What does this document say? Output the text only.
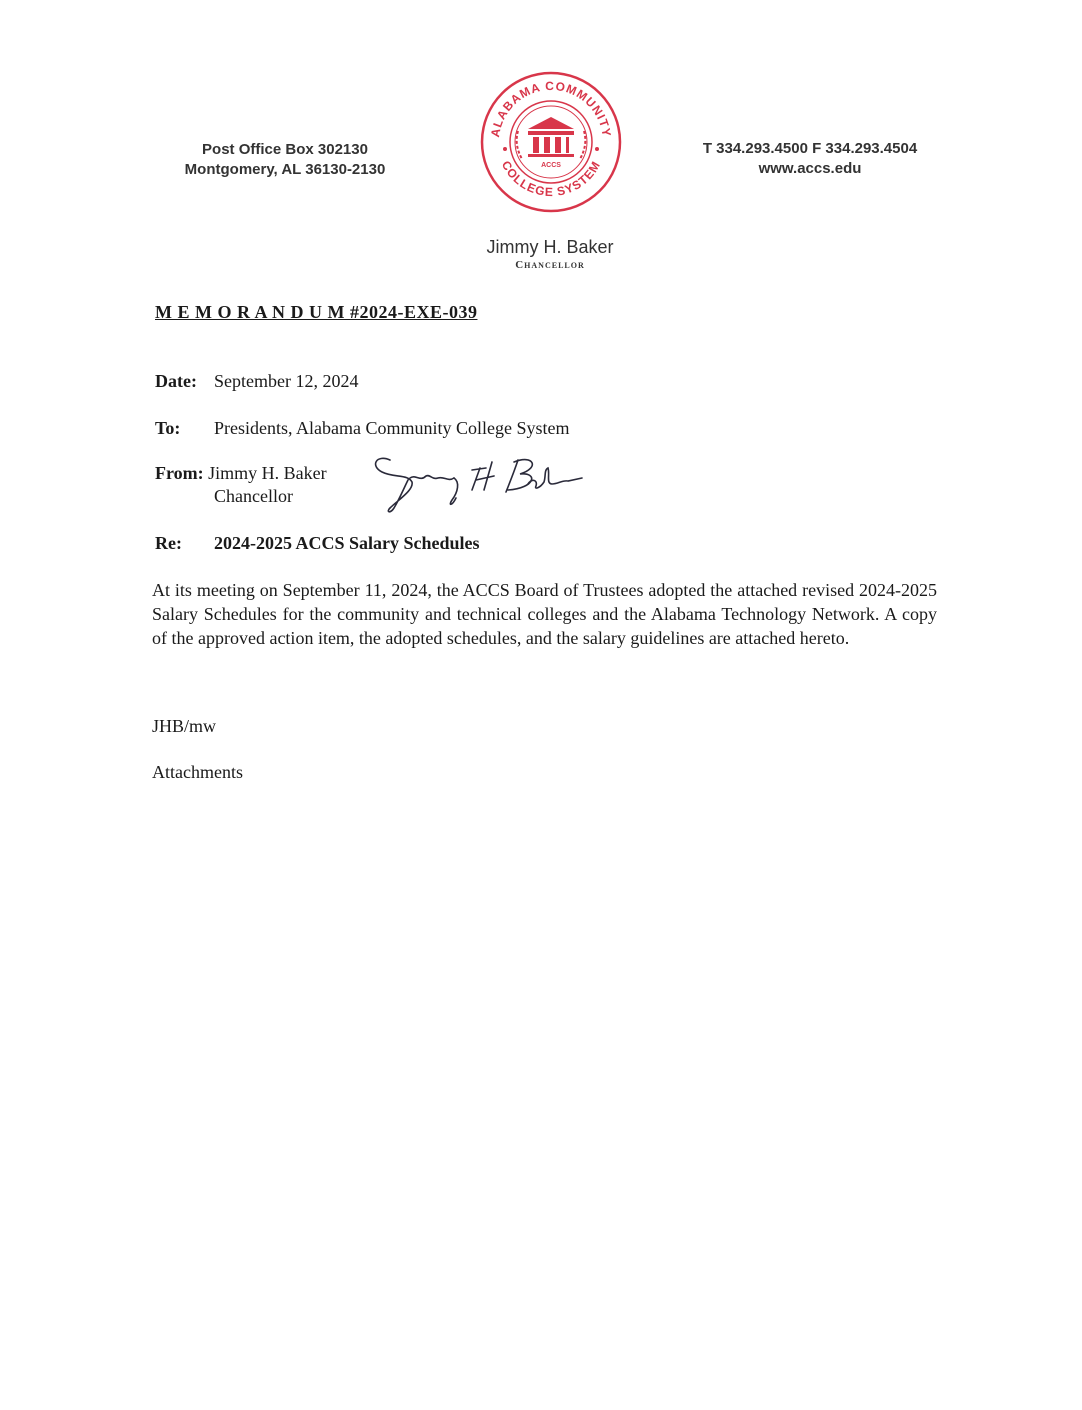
Post Office Box 302130
Montgomery, AL 36130-2130
ALABAMA COMMUNITY
COLLEGE SYSTEM
ACCS
T 334.293.4500 F 334.293.4504
www.accs.edu
Jimmy H. Baker
Chancellor
M E M O R A N D U M #2024-EXE-039
Date: September 12, 2024
To: Presidents, Alabama Community College System
From: Jimmy H. Baker
Chancellor
Re: 2024-2025 ACCS Salary Schedules
At its meeting on September 11, 2024, the ACCS Board of Trustees adopted the attached revised 2024-2025 Salary Schedules for the community and technical colleges and the Alabama Technology Network. A copy of the approved action item, the adopted schedules, and the salary guidelines are attached hereto.
JHB/mw
Attachments
